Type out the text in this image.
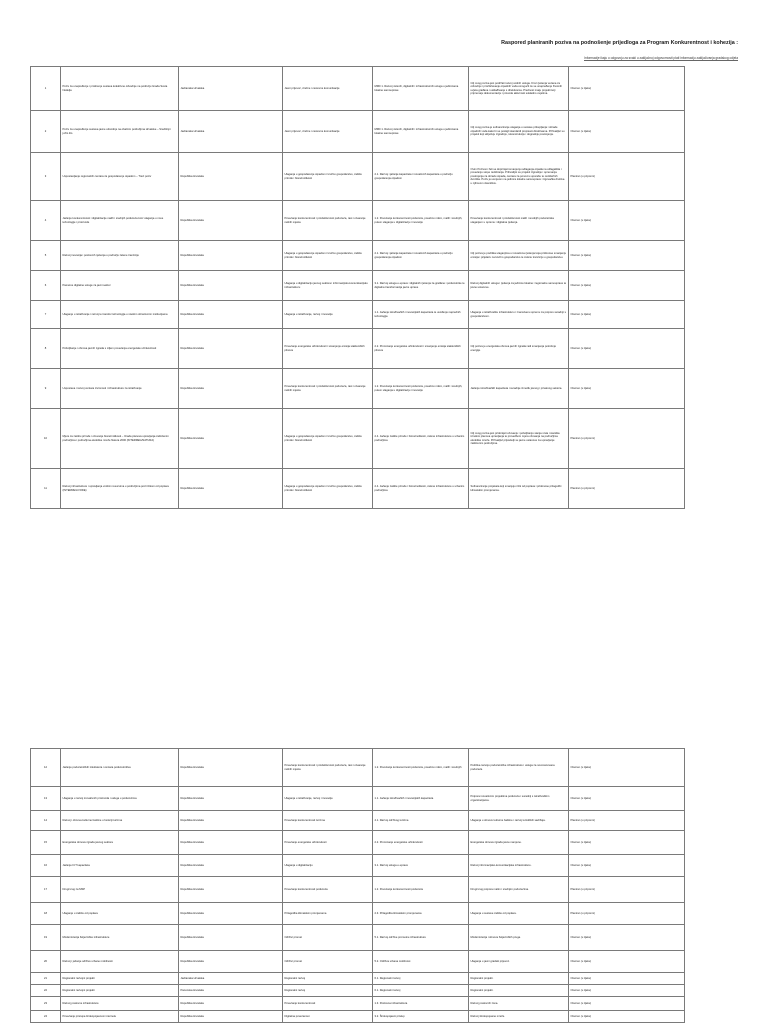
Raspored planiranih poziva na podnošenje prijedloga za Program Konkurentnost i kohezija :
Informacije ikaju o odgovoju za svaki u zaključnoj odgovornosti plati informaciju zaključivanja gradskog odjela
1	Poziv za unapređenje i proširenje sustava kolektivne odvodnje na području Grada Sveta Nedelja	Jadranska Hrvatska	Javni prijevoz, zračne i cestovne komunikacije	MRD 1. Razvoj zelenih, digitalnih i infrastrukturnih usluga u jedinicama lokalne samouprave	Cilj ovog poziva jest podržati razvoj vodnih usluga. Kroz rješenja vezana za odvodnju i pročišćavanje otpadnih voda omogućit će se unapređenje životnih uvjeta građana i usklađivanje s direktivama. Prednost imaju projekti koji pripremaju dokumentaciju i provode aktivnosti sukladno uvjetima.	Otvoren (u tijeku)
2	Poziv za unapređenje sustava javne odvodnje na obalnim područjima Hrvatske – Središnji i južni dio	Jadranska Hrvatska	Javni prijevoz, zračne i cestovne komunikacije	MRD 1. Razvoj zelenih, digitalnih i infrastrukturnih usluga u jedinicama lokalne samouprave	Cilj ovog poziva je sufinanciranje ulaganja u sustave prikupljanja i obrade otpadnih voda kako bi se postigli standardi propisani direktivama. Prihvatljivi su projekti koji uključuju izgradnju, rekonstrukciju i dogradnju postrojenja.	Otvoren (u tijeku)
3	Uspostavljanje regionalnih centara za gospodarenje otpadom – Treći poziv	Republika Hrvatska	Ulaganja u gospodarenje otpadom i kružno gospodarstvo, zaštitu prirode i bioraznolikosti	2.1. Razvoj i jačanje kapaciteta i inovativnih kapaciteta u području gospodarenja otpadom	Ovim Pozivom želi se doprinijeti smanjenju odlaganja otpada na odlagališta i povećanju stope recikliranja. Prihvatljivi su projekti izgradnje i opremanja postrojenja za obradu otpada, centara za ponovnu uporabu te reciklažnih dvorišta. Poziv je usmjeren na jedinice lokalne samouprave i trgovačka društva u njihovom vlasništvu.	Planiran (u pripremi)
4	Jačanje konkurentnosti i digitalizacije malih i srednjih poduzeća kroz ulaganja u nove tehnologije i proizvode	Republika Hrvatska	Povećanje konkurentnosti i produktivnosti poduzeća, rast i otvaranje radnih mjesta	1.2. Povećanje konkurentnosti poduzeća, posebno mikro, malih i srednjih, putem ulaganja u digitalizaciju i inovacije	Povećanje konkurentnosti i produktivnosti malih i srednjih poduzetnika ulaganjem u opremu i digitalna rješenja.	Otvoren (u tijeku)
5	Razvoj inovacija i poslovnih rješenja u području zelene tranzicije	Republika Hrvatska	Ulaganja u gospodarenje otpadom i kružno gospodarstvo, zaštitu prirode i bioraznolikosti	2.1. Razvoj i jačanje kapaciteta i inovativnih kapaciteta u području gospodarenja otpadom	Cilj poziva je podrška ulaganjima u inovativna rješenja koja pridonose smanjenju emisija i prijelazu na kružno gospodarstvo te zelenu tranziciju u gospodarstvu.	Otvoren (u tijeku)
6	Pametne digitalne usluge za javni sektor	Republika Hrvatska	Ulaganja u digitalizaciju javnog sektora i informacijsko-komunikacijsku infrastrukturu	3.1. Razvoj usluga e-uprave i digitalnih rješenja za građane i poduzetnike te digitalna transformacija javne uprave	Razvoj digitalnih usluga i rješenja za jedinice lokalne i regionalne samouprave te javne ustanove.	Otvoren (u tijeku)
7	Ulaganje u istraživanje i razvoj te transfer tehnologija u visokim obrazovnim institucijama	Republika Hrvatska	Ulaganja u istraživanje, razvoj i inovacije	1.1. Jačanje istraživačkih i inovacijskih kapaciteta te uvođenje naprednih tehnologija	Ulaganja u istraživačku infrastrukturu i znanstvenu opremu za potporu suradnji s gospodarstvom.	Otvoren (u tijeku)
8	Poboljšanje i obnova javnih zgrada s ciljem povećanja energetske učinkovitosti	Republika Hrvatska	Povećanje energetske učinkovitosti i smanjenje emisija stakleničkih plinova	2.2. Promicanje energetske učinkovitosti i smanjenje emisija stakleničkih plinova	Cilj poziva je energetska obnova javnih zgrada radi smanjenja potrošnje energije.	Otvoren (u tijeku)
9	Uspostava i razvoj centara izvrsnosti i infrastrukture za istraživanje	Republika Hrvatska	Povećanje konkurentnosti i produktivnosti poduzeća, rast i otvaranje radnih mjesta	1.2. Povećanje konkurentnosti poduzeća, posebno mikro, malih i srednjih, putem ulaganja u digitalizaciju i inovacije	Jačanje istraživačkih kapaciteta i suradnje između javnog i privatnog sektora.	Otvoren (u tijeku)
10	Mjere za zaštitu prirode i očuvanje bioraznolikosti – Izrada planova upravljanja zaštićenim područjima i područjima ekološke mreže Natura 2000 (INTERREG/NATURA)	Republika Hrvatska	Ulaganja u gospodarenje otpadom i kružno gospodarstvo, zaštitu prirode i bioraznolikosti	2.4. Jačanje zaštite prirode i bioraznolikosti, zelene infrastrukture u urbanim područjima	Cilj ovog poziva jest pridonijeti očuvanju i poboljšanju stanja vrsta i staništa izradom planova upravljanja te provedbom mjera očuvanja na područjima ekološke mreže. Prihvatljivi prijavitelji su javne ustanove za upravljanje zaštićenim područjima.	Planiran (u pripremi)
11	Razvoj infrastrukture i upravljanja vodnim resursima u područjima pod rizikom od poplava (INTERREG/VODE)	Republika Hrvatska	Ulaganja u gospodarenje otpadom i kružno gospodarstvo, zaštitu prirode i bioraznolikosti	2.4. Jačanje zaštite prirode i bioraznolikosti, zelene infrastrukture u urbanim područjima	Sufinanciranje projekata koji smanjuju rizik od poplava i pridonose prilagodbi klimatskim promjenama.	Planiran (u pripremi)
12	Jačanje poduzetničkih inkubatora i centara poduzetništva	Republika Hrvatska	Povećanje konkurentnosti i produktivnosti poduzeća, rast i otvaranje radnih mjesta	1.2. Povećanje konkurentnosti poduzeća, posebno mikro, malih i srednjih	Podrška razvoju poduzetničke infrastrukture i usluga za novoosnovana poduzeća.	Otvoren (u tijeku)
13	Ulaganja u razvoj inovativnih proizvoda i usluga u poduzećima	Republika Hrvatska	Ulaganja u istraživanje, razvoj i inovacije	1.1. Jačanje istraživačkih i inovacijskih kapaciteta	Potpora inovativnim projektima poduzeća i suradnji s istraživačkim organizacijama.	Otvoren (u tijeku)
14	Razvoj i obnova kulturne baštine u funkciji turizma	Republika Hrvatska	Povećanje konkurentnosti turizma	4.1. Razvoj održivog turizma	Ulaganja u obnovu kulturne baštine i razvoj turističkih sadržaja.	Planiran (u pripremi)
15	Energetska obnova zgrada javnog sektora	Republika Hrvatska	Povećanje energetske učinkovitosti	2.2. Promicanje energetske učinkovitosti	Energetska obnova zgrada javne namjene.	Otvoren (u tijeku)
16	Jačanje ICT kapaciteta	Republika Hrvatska	Ulaganja u digitalizaciju	3.1. Razvoj usluga e-uprave	Razvoj informacijsko-komunikacijske infrastrukture.	Otvoren (u tijeku)
17	Drugi krug za MSP	Republika Hrvatska	Povećanje konkurentnosti poduzeća	1.2. Povećanje konkurentnosti poduzeća	Drugi krug potpora malim i srednjim poduzećima.	Planiran (u pripremi)
18	Ulaganje u zaštitu od poplava	Republika Hrvatska	Prilagodba klimatskim promjenama	2.3. Prilagodba klimatskim promjenama	Ulaganja u sustave zaštite od poplava.	Planiran (u pripremi)
19	Modernizacija željezničke infrastrukture	Republika Hrvatska	Održivi promet	5.1. Razvoj održive prometne infrastrukture	Modernizacija i obnova željezničkih pruga.	Otvoren (u tijeku)
20	Razvoj i jačanje održive urbane mobilnosti	Republika Hrvatska	Održivi promet	5.2. Održiva urbana mobilnost	Ulaganja u javni gradski prijevoz.	Otvoren (u tijeku)
21	Regionalni razvojni projekti	Jadranska Hrvatska	Regionalni razvoj	6.1. Regionalni razvoj	Regionalni projekti.	Otvoren (u tijeku)
22	Regionalni razvojni projekti	Panonska Hrvatska	Regionalni razvoj	6.1. Regionalni razvoj	Regionalni projekti.	Otvoren (u tijeku)
23	Razvoj poslovne infrastrukture	Republika Hrvatska	Povećanje konkurentnosti	1.3. Poslovna infrastruktura	Razvoj poslovnih zona.	Otvoren (u tijeku)
24	Povećanje pristupa širokopojasnom internetu	Republika Hrvatska	Digitalna povezanost	3.2. Širokopojasni pristup	Razvoj širokopojasne mreže.	Otvoren (u tijeku)
